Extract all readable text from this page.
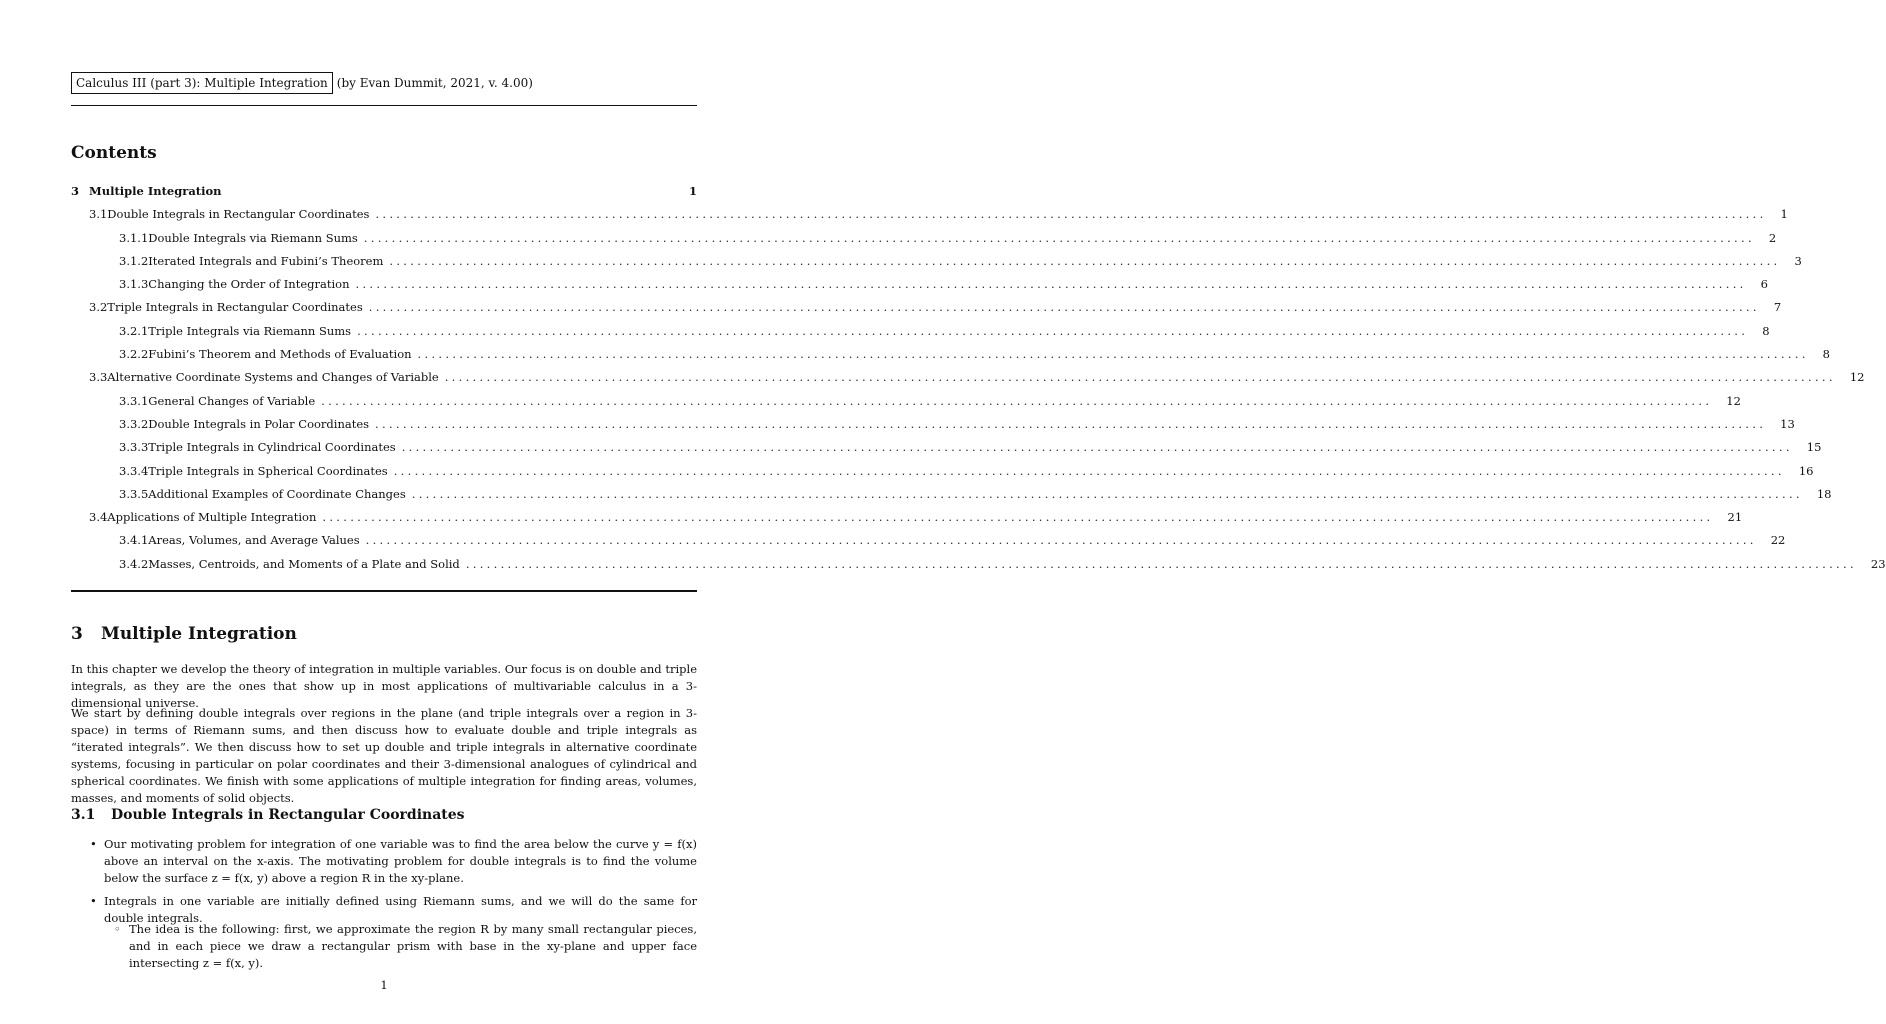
Calculus III (part 3): Multiple Integration (by Evan Dummit, 2021, v. 4.00)
Contents
3 Multiple Integration	1
3.1 Double Integrals in Rectangular Coordinates ........................................................................................................................................................................................................	1
3.1.1 Double Integrals via Riemann Sums ........................................................................................................................................................................................................	2
3.1.2 Iterated Integrals and Fubini’s Theorem ........................................................................................................................................................................................................	3
3.1.3 Changing the Order of Integration ........................................................................................................................................................................................................	6
3.2 Triple Integrals in Rectangular Coordinates ........................................................................................................................................................................................................	7
3.2.1 Triple Integrals via Riemann Sums ........................................................................................................................................................................................................	8
3.2.2 Fubini’s Theorem and Methods of Evaluation ........................................................................................................................................................................................................	8
3.3 Alternative Coordinate Systems and Changes of Variable ........................................................................................................................................................................................................	12
3.3.1 General Changes of Variable ........................................................................................................................................................................................................	12
3.3.2 Double Integrals in Polar Coordinates ........................................................................................................................................................................................................	13
3.3.3 Triple Integrals in Cylindrical Coordinates ........................................................................................................................................................................................................	15
3.3.4 Triple Integrals in Spherical Coordinates ........................................................................................................................................................................................................	16
3.3.5 Additional Examples of Coordinate Changes ........................................................................................................................................................................................................	18
3.4 Applications of Multiple Integration ........................................................................................................................................................................................................	21
3.4.1 Areas, Volumes, and Average Values ........................................................................................................................................................................................................	22
3.4.2 Masses, Centroids, and Moments of a Plate and Solid ........................................................................................................................................................................................................	23
3 Multiple Integration

In this chapter we develop the theory of integration in multiple variables. Our focus is on double and triple integrals, as they are the ones that show up in most applications of multivariable calculus in a 3-dimensional universe.

We start by defining double integrals over regions in the plane (and triple integrals over a region in 3-space) in terms of Riemann sums, and then discuss how to evaluate double and triple integrals as “iterated integrals”. We then discuss how to set up double and triple integrals in alternative coordinate systems, focusing in particular on polar coordinates and their 3-dimensional analogues of cylindrical and spherical coordinates. We finish with some applications of multiple integration for finding areas, volumes, masses, and moments of solid objects.

3.1 Double Integrals in Rectangular Coordinates

• Our motivating problem for integration of one variable was to find the area below the curve y = f(x) above an interval on the x-axis. The motivating problem for double integrals is to find the volume below the surface z = f(x, y) above a region R in the xy-plane.

• Integrals in one variable are initially defined using Riemann sums, and we will do the same for double integrals.

◦ The idea is the following: first, we approximate the region R by many small rectangular pieces, and in each piece we draw a rectangular prism with base in the xy-plane and upper face intersecting z = f(x, y).

1
